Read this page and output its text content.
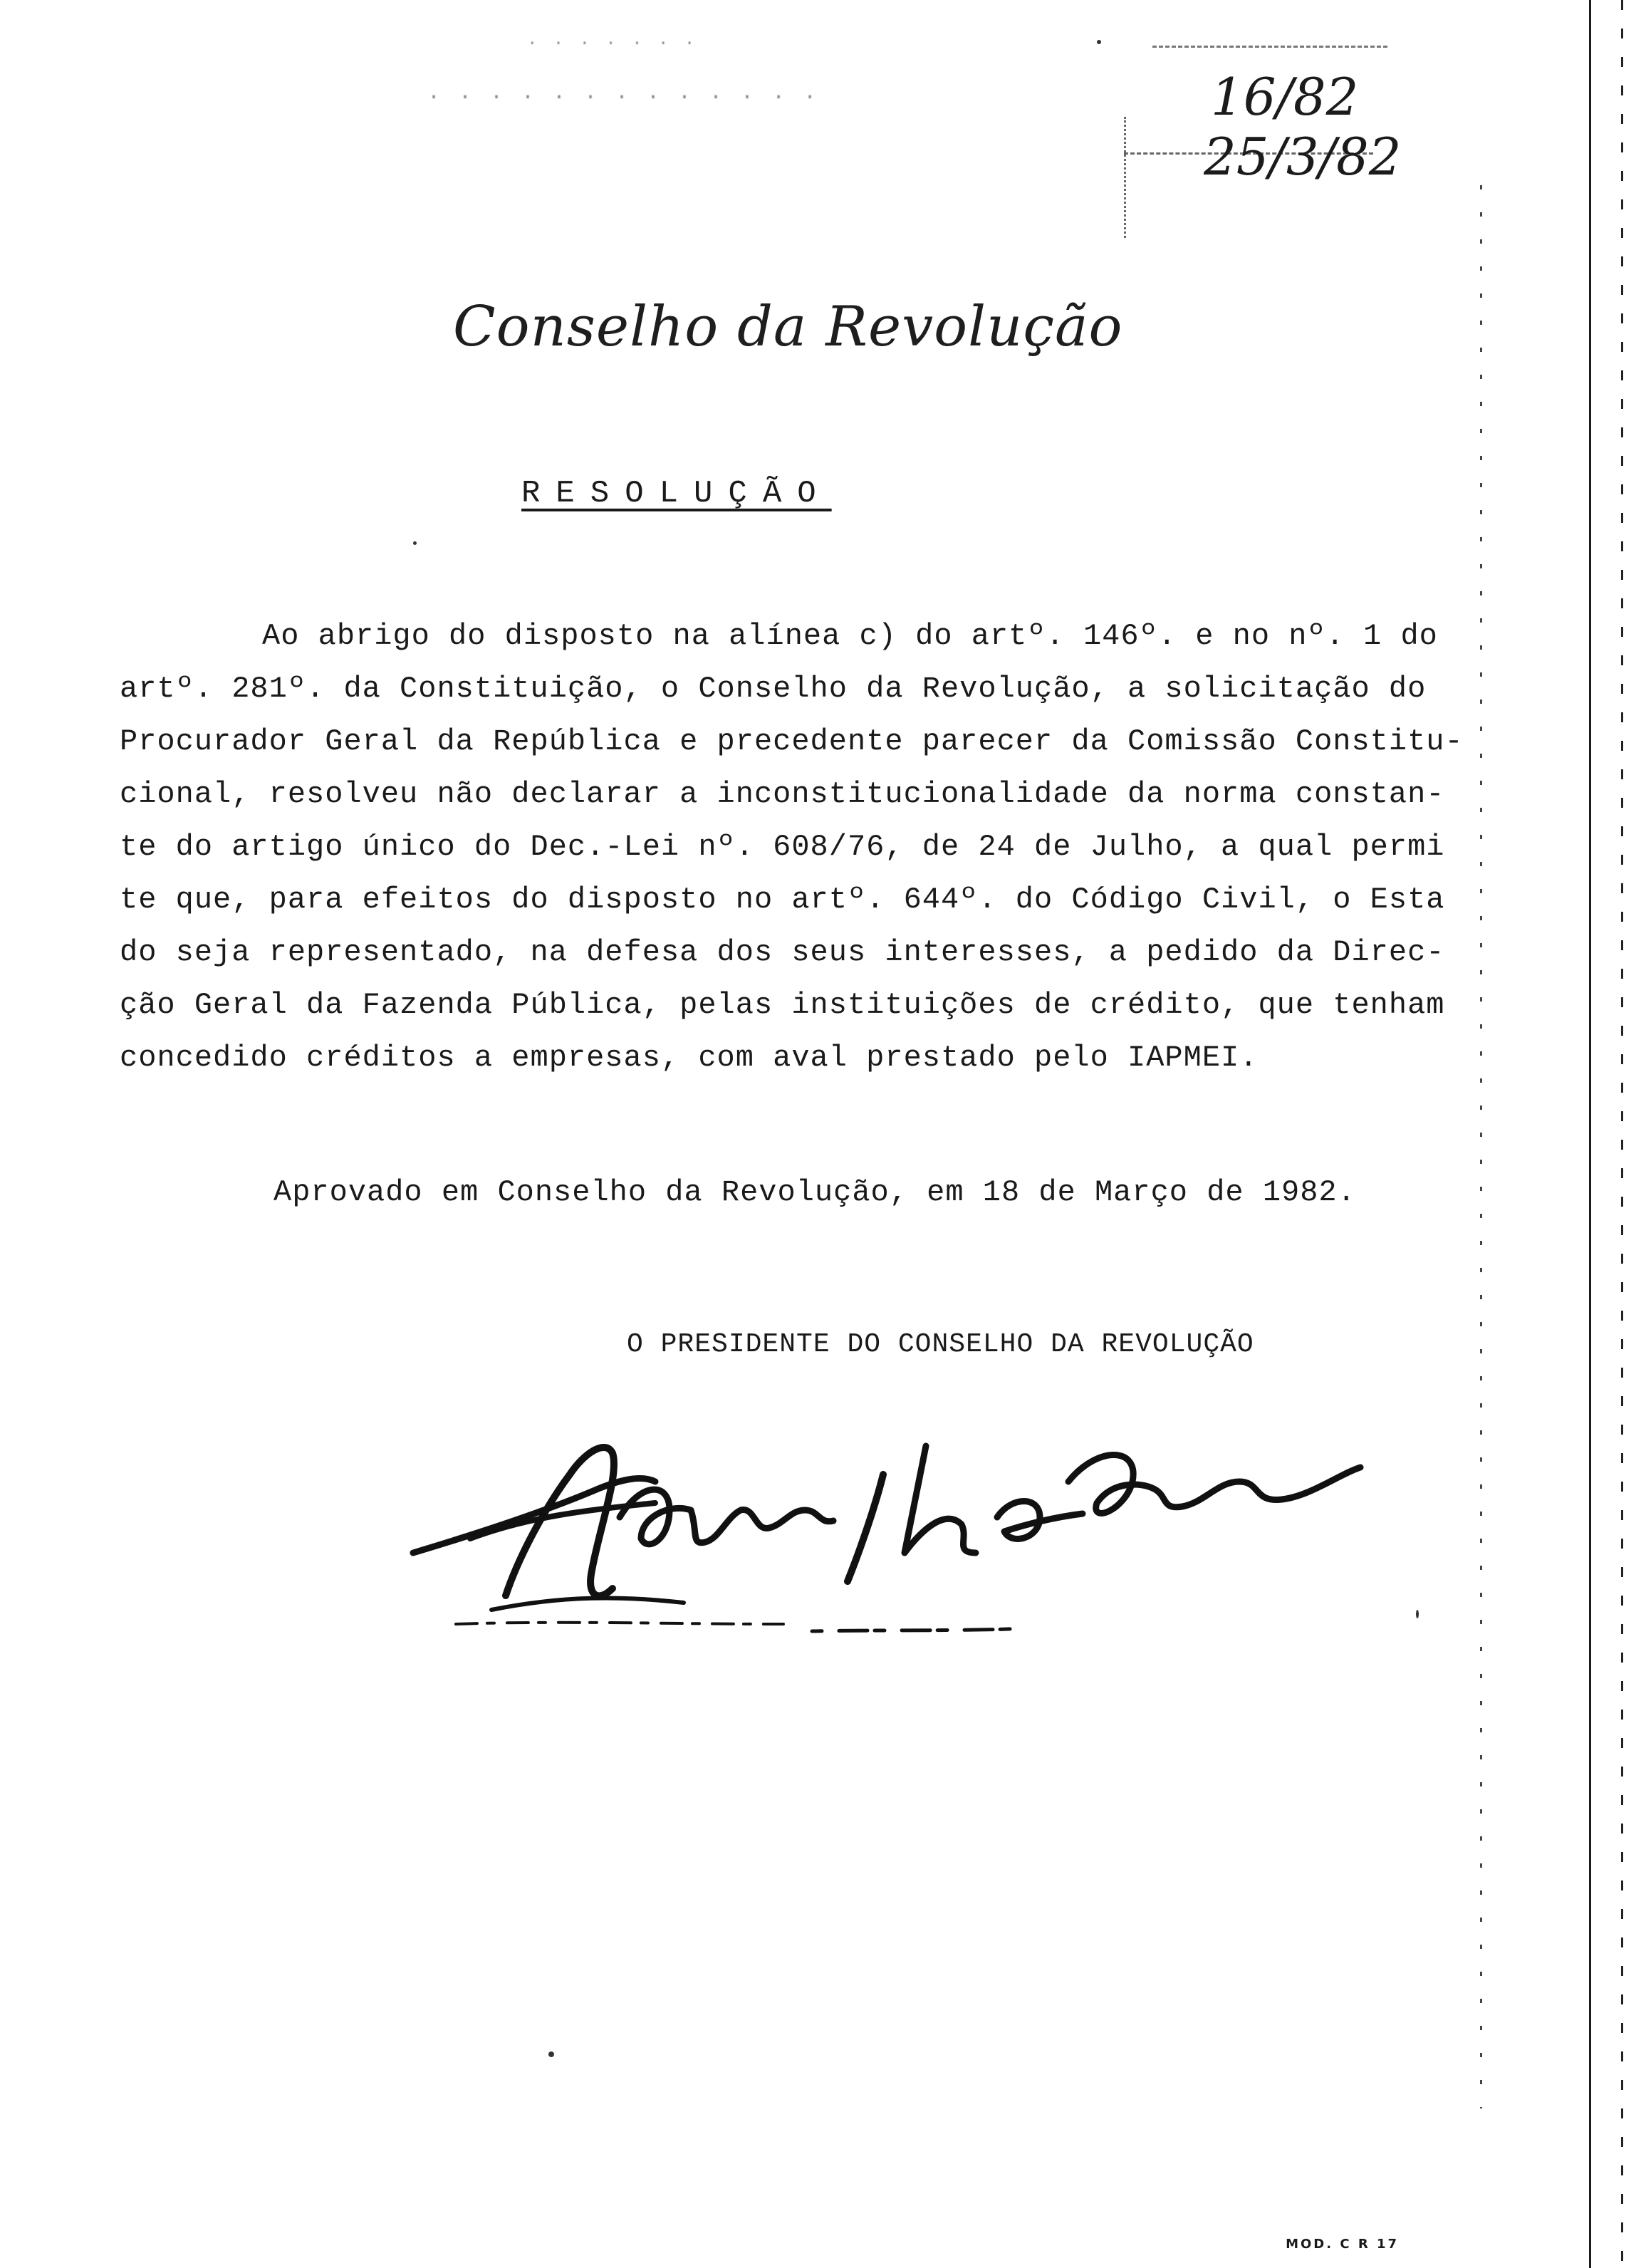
· · · · · · · · · · · · ·
· · · · · · ·
16/82
25/3/82
Conselho da Revolução
RESOLUÇÃO
Ao abrigo do disposto na alínea c) do artº. 146º. e no nº. 1 do
artº. 281º. da Constituição, o Conselho da Revolução, a solicitação do
Procurador Geral da República e precedente parecer da Comissão Constitu-
cional, resolveu não declarar a inconstitucionalidade da norma constan-
te do artigo único do Dec.-Lei nº. 608/76, de 24 de Julho, a qual permi
te que, para efeitos do disposto no artº. 644º. do Código Civil, o Esta
do seja representado, na defesa dos seus interesses, a pedido da Direc-
ção Geral da Fazenda Pública, pelas instituições de crédito, que tenham
concedido créditos a empresas, com aval prestado pelo IAPMEI.
Aprovado em Conselho da Revolução, em 18 de Março de 1982.
O PRESIDENTE DO CONSELHO DA REVOLUÇÃO
MOD. C R 17
